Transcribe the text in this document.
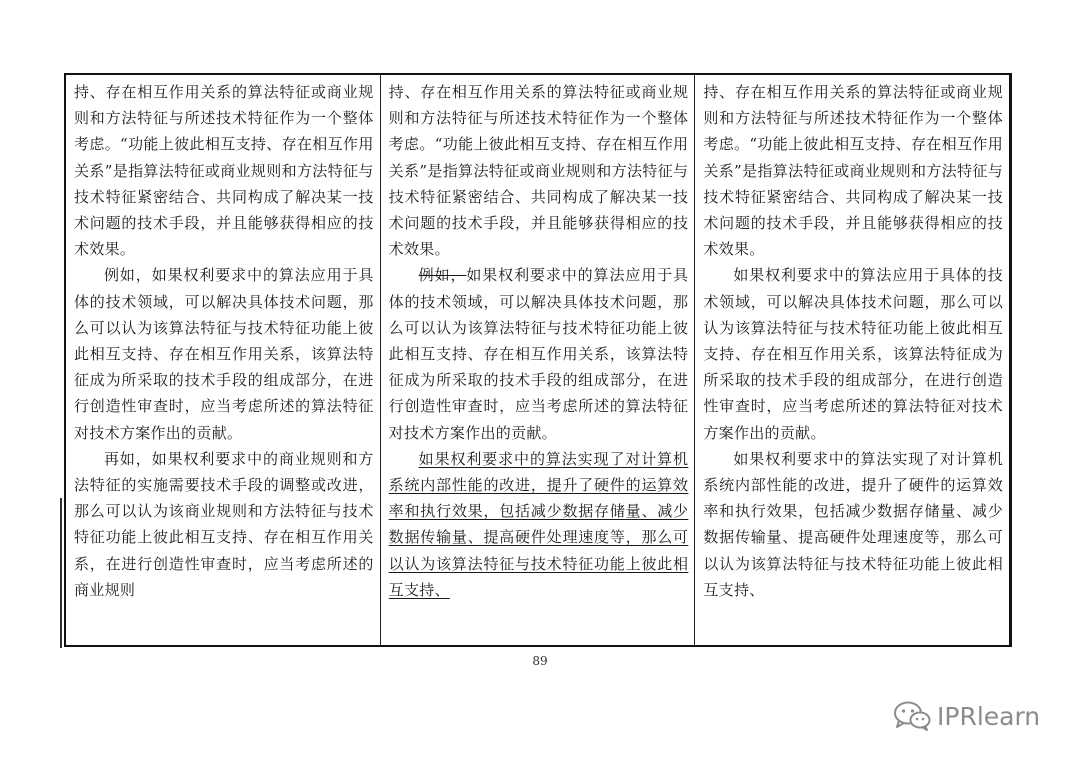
持、存在相互作用关系的算法特征或商业规则和方法特征与所述技术特征作为一个整体考虑。“功能上彼此相互支持、存在相互作用关系”是指算法特征或商业规则和方法特征与技术特征紧密结合、共同构成了解决某一技术问题的技术手段，并且能够获得相应的技术效果。

例如，如果权利要求中的算法应用于具体的技术领域，可以解决具体技术问题，那么可以认为该算法特征与技术特征功能上彼此相互支持、存在相互作用关系，该算法特征成为所采取的技术手段的组成部分，在进行创造性审查时，应当考虑所述的算法特征对技术方案作出的贡献。

再如，如果权利要求中的商业规则和方法特征的实施需要技术手段的调整或改进，那么可以认为该商业规则和方法特征与技术特征功能上彼此相互支持、存在相互作用关系，在进行创造性审查时，应当考虑所述的商业规则

持、存在相互作用关系的算法特征或商业规则和方法特征与所述技术特征作为一个整体考虑。“功能上彼此相互支持、存在相互作用关系”是指算法特征或商业规则和方法特征与技术特征紧密结合、共同构成了解决某一技术问题的技术手段，并且能够获得相应的技术效果。

例如，如果权利要求中的算法应用于具体的技术领域，可以解决具体技术问题，那么可以认为该算法特征与技术特征功能上彼此相互支持、存在相互作用关系，该算法特征成为所采取的技术手段的组成部分，在进行创造性审查时，应当考虑所述的算法特征对技术方案作出的贡献。

如果权利要求中的算法实现了对计算机系统内部性能的改进，提升了硬件的运算效率和执行效果，包括减少数据存储量、减少数据传输量、提高硬件处理速度等，那么可以认为该算法特征与技术特征功能上彼此相互支持、

持、存在相互作用关系的算法特征或商业规则和方法特征与所述技术特征作为一个整体考虑。“功能上彼此相互支持、存在相互作用关系”是指算法特征或商业规则和方法特征与技术特征紧密结合、共同构成了解决某一技术问题的技术手段，并且能够获得相应的技术效果。

如果权利要求中的算法应用于具体的技术领域，可以解决具体技术问题，那么可以认为该算法特征与技术特征功能上彼此相互支持、存在相互作用关系，该算法特征成为所采取的技术手段的组成部分，在进行创造性审查时，应当考虑所述的算法特征对技术方案作出的贡献。

如果权利要求中的算法实现了对计算机系统内部性能的改进，提升了硬件的运算效率和执行效果，包括减少数据存储量、减少数据传输量、提高硬件处理速度等，那么可以认为该算法特征与技术特征功能上彼此相互支持、

89
IPRlearn
